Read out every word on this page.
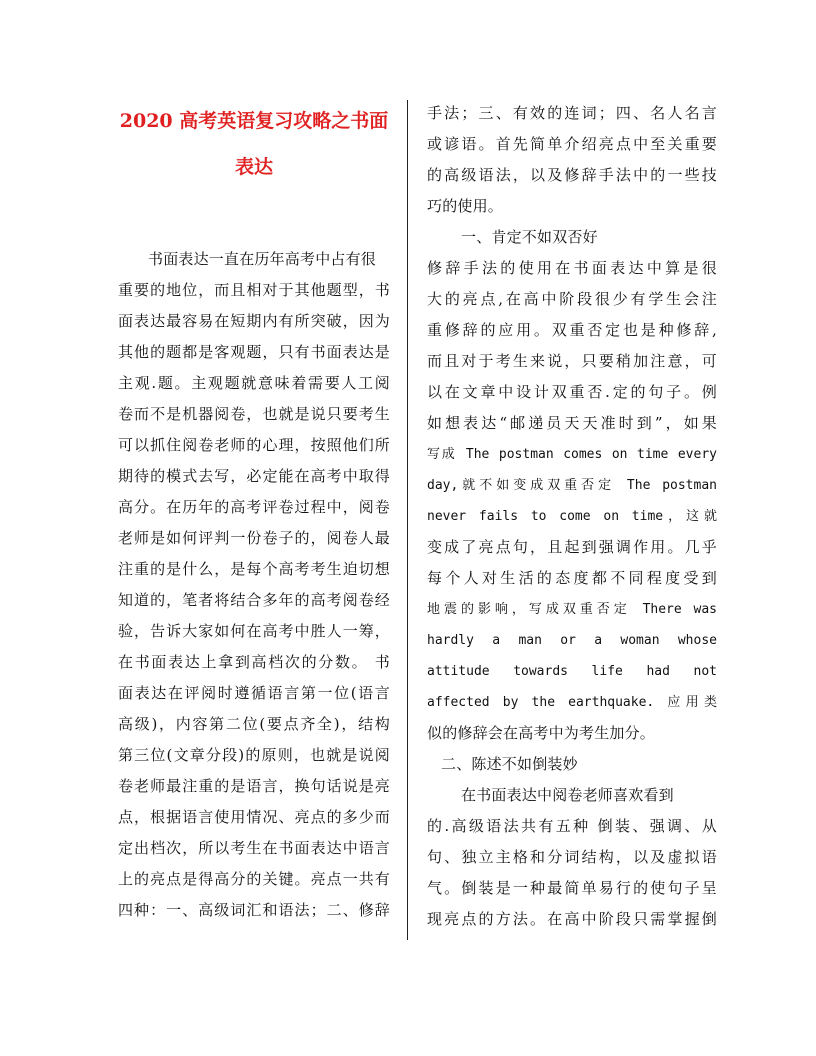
2020 高考英语复习攻略之书面
表达
书面表达一直在历年高考中占有很
重要的地位，而且相对于其他题型，书
面表达最容易在短期内有所突破，因为
其他的题都是客观题，只有书面表达是
主观.题。主观题就意味着需要人工阅
卷而不是机器阅卷，也就是说只要考生
可以抓住阅卷老师的心理，按照他们所
期待的模式去写，必定能在高考中取得
高分。在历年的高考评卷过程中，阅卷
老师是如何评判一份卷子的，阅卷人最
注重的是什么，是每个高考考生迫切想
知道的，笔者将结合多年的高考阅卷经
验，告诉大家如何在高考中胜人一筹，
在书面表达上拿到高档次的分数。 书
面表达在评阅时遵循语言第一位(语言
高级)，内容第二位(要点齐全)，结构
第三位(文章分段)的原则，也就是说阅
卷老师最注重的是语言，换句话说是亮
点，根据语言使用情况、亮点的多少而
定出档次，所以考生在书面表达中语言
上的亮点是得高分的关键。亮点一共有
四种：一、高级词汇和语法；二、修辞
手法；三、有效的连词；四、名人名言
或谚语。首先简单介绍亮点中至关重要
的高级语法，以及修辞手法中的一些技
巧的使用。
一、肯定不如双否好
修辞手法的使用在书面表达中算是很
大的亮点,在高中阶段很少有学生会注
重修辞的应用。双重否定也是种修辞,
而且对于考生来说，只要稍加注意，可
以在文章中设计双重否.定的句子。例
如想表达“邮递员天天准时到”，如果
写成 The postman comes on time every
day,就不如变成双重否定 The postman
never fails to come on time，这就
变成了亮点句，且起到强调作用。几乎
每个人对生活的态度都不同程度受到
地震的影响，写成双重否定 There was
hardly a man or a woman whose
attitude towards life had not
affected by the earthquake. 应用类
似的修辞会在高考中为考生加分。
二、陈述不如倒装妙
在书面表达中阅卷老师喜欢看到
的.高级语法共有五种 倒装、强调、从
句、独立主格和分词结构，以及虚拟语
气。倒装是一种最简单易行的使句子呈
现亮点的方法。在高中阶段只需掌握倒
